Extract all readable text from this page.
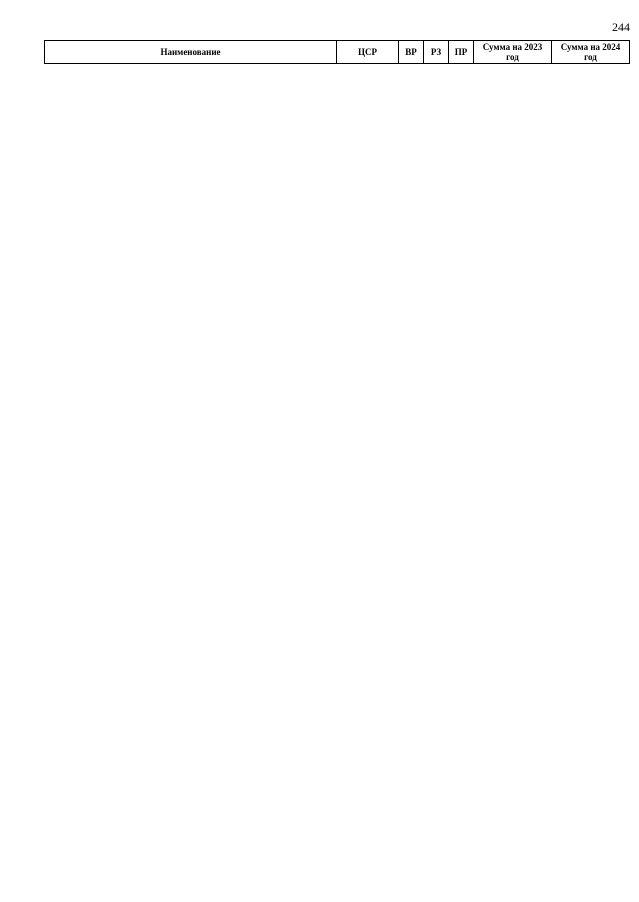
244
Наименование	ЦСР	ВР	РЗ	ПР	Сумма на 2023 год	Сумма на 2024 год
